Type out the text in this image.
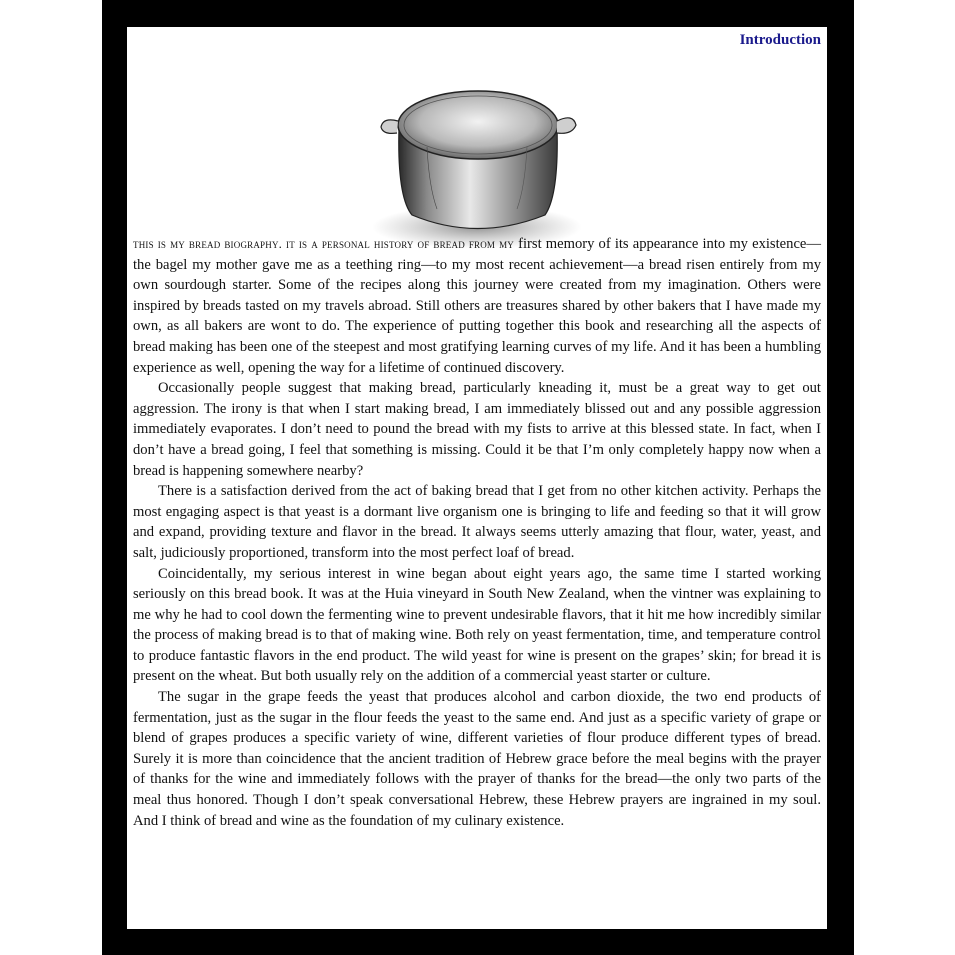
Introduction

this is my bread biography. it is a personal history of bread from my first memory of its appearance into my existence—the bagel my mother gave me as a teething ring—to my most recent achievement—a bread risen entirely from my own sourdough starter. Some of the recipes along this journey were created from my imagination. Others were inspired by breads tasted on my travels abroad. Still others are treasures shared by other bakers that I have made my own, as all bakers are wont to do. The experience of putting together this book and researching all the aspects of bread making has been one of the steepest and most gratifying learning curves of my life. And it has been a humbling experience as well, opening the way for a lifetime of continued discovery.

Occasionally people suggest that making bread, particularly kneading it, must be a great way to get out aggression. The irony is that when I start making bread, I am immediately blissed out and any possible aggression immediately evaporates. I don’t need to pound the bread with my fists to arrive at this blessed state. In fact, when I don’t have a bread going, I feel that something is missing. Could it be that I’m only completely happy now when a bread is happening somewhere nearby?

There is a satisfaction derived from the act of baking bread that I get from no other kitchen activity. Perhaps the most engaging aspect is that yeast is a dormant live organism one is bringing to life and feeding so that it will grow and expand, providing texture and flavor in the bread. It always seems utterly amazing that flour, water, yeast, and salt, judiciously proportioned, transform into the most perfect loaf of bread.

Coincidentally, my serious interest in wine began about eight years ago, the same time I started working seriously on this bread book. It was at the Huia vineyard in South New Zealand, when the vintner was explaining to me why he had to cool down the fermenting wine to prevent undesirable flavors, that it hit me how incredibly similar the process of making bread is to that of making wine. Both rely on yeast fermentation, time, and temperature control to produce fantastic flavors in the end product. The wild yeast for wine is present on the grapes’ skin; for bread it is present on the wheat. But both usually rely on the addition of a commercial yeast starter or culture.

The sugar in the grape feeds the yeast that produces alcohol and carbon dioxide, the two end products of fermentation, just as the sugar in the flour feeds the yeast to the same end. And just as a specific variety of grape or blend of grapes produces a specific variety of wine, different varieties of flour produce different types of bread. Surely it is more than coincidence that the ancient tradition of Hebrew grace before the meal begins with the prayer of thanks for the wine and immediately follows with the prayer of thanks for the bread—the only two parts of the meal thus honored. Though I don’t speak conversational Hebrew, these Hebrew prayers are ingrained in my soul. And I think of bread and wine as the foundation of my culinary existence.
